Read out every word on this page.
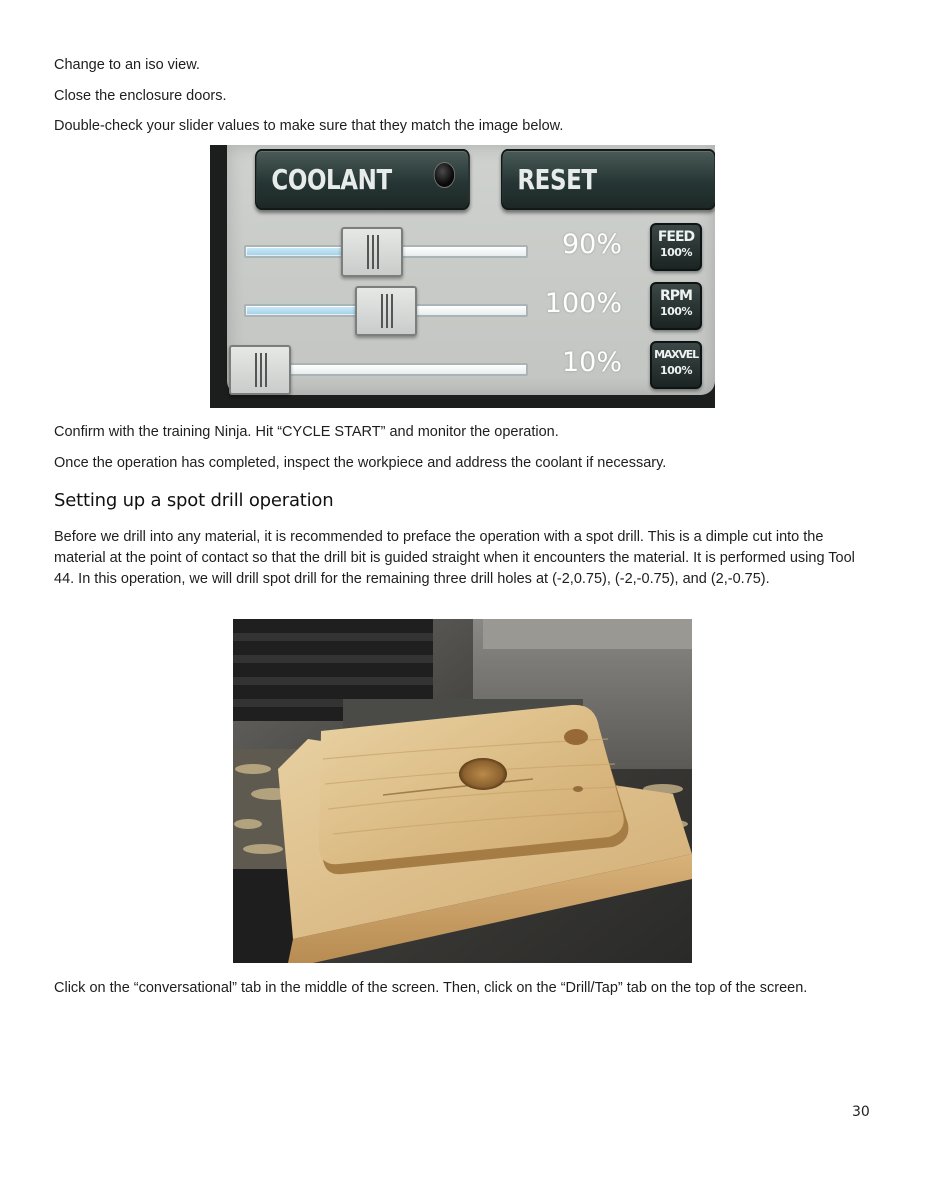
Change to an iso view.

Close the enclosure doors.

Double-check your slider values to make sure that they match the image below.

COOLANT	RESET
90%	FEED
100%
100%	RPM
100%
10%	MAXVEL
100%

Confirm with the training Ninja. Hit “CYCLE START” and monitor the operation.

Once the operation has completed, inspect the workpiece and address the coolant if necessary.

Setting up a spot drill operation

Before we drill into any material, it is recommended to preface the operation with a spot drill. This is a dimple cut into the material at the point of contact so that the drill bit is guided straight when it encounters the material. It is performed using Tool 44. In this operation, we will drill spot drill for the remaining three drill holes at (-2,0.75), (-2,-0.75), and (2,-0.75).

Click on the “conversational” tab in the middle of the screen. Then, click on the “Drill/Tap” tab on the top of the screen.

30
